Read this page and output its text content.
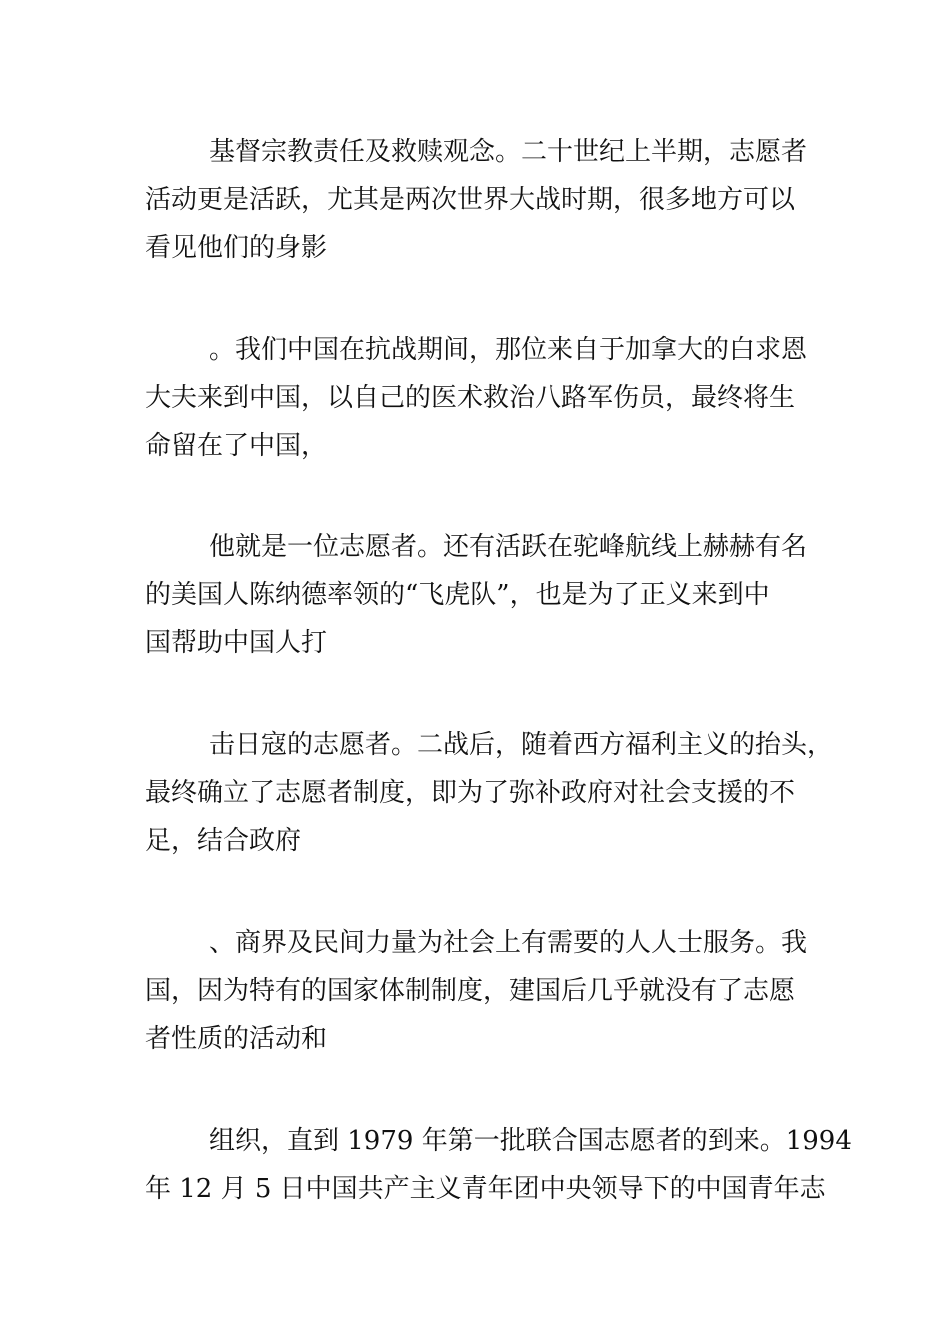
基督宗教责任及救赎观念。二十世纪上半期，志愿者
活动更是活跃，尤其是两次世界大战时期，很多地方可以
看见他们的身影
。我们中国在抗战期间，那位来自于加拿大的白求恩
大夫来到中国，以自己的医术救治八路军伤员，最终将生
命留在了中国，
他就是一位志愿者。还有活跃在驼峰航线上赫赫有名
的美国人陈纳德率领的“飞虎队”，也是为了正义来到中
国帮助中国人打
击日寇的志愿者。二战后，随着西方福利主义的抬头，
最终确立了志愿者制度，即为了弥补政府对社会支援的不
足，结合政府
、商界及民间力量为社会上有需要的人人士服务。我
国，因为特有的国家体制制度，建国后几乎就没有了志愿
者性质的活动和
组织，直到 1979 年第一批联合国志愿者的到来。1994
年 12 月 5 日中国共产主义青年团中央领导下的中国青年志
